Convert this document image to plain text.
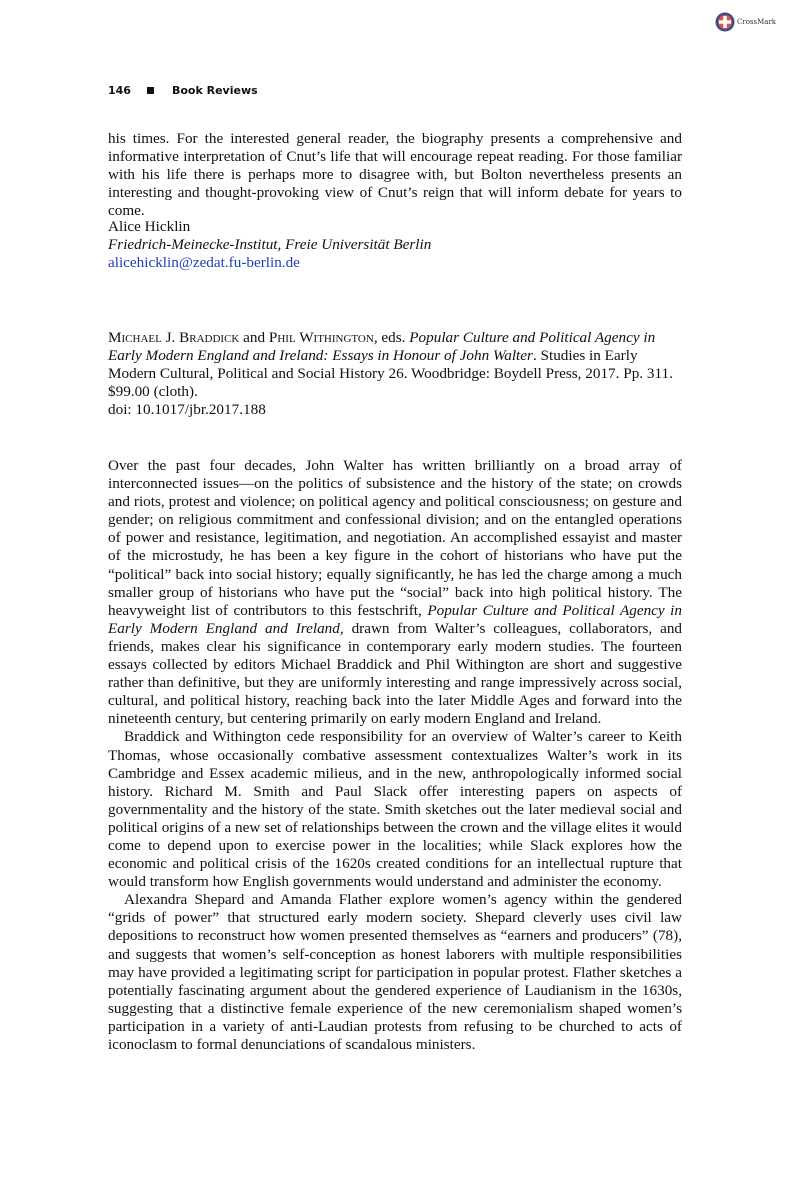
CrossMark
146	Book Reviews

his times. For the interested general reader, the biography presents a comprehensive and informative interpretation of Cnut’s life that will encourage repeat reading. For those familiar with his life there is perhaps more to disagree with, but Bolton nevertheless presents an interesting and thought-provoking view of Cnut’s reign that will inform debate for years to come.

Alice Hicklin
Friedrich-Meinecke-Institut, Freie Universität Berlin
alicehicklin@zedat.fu-berlin.de

Michael J. Braddick and Phil Withington, eds. Popular Culture and Political Agency in Early Modern England and Ireland: Essays in Honour of John Walter. Studies in Early Modern Cultural, Political and Social History 26. Woodbridge: Boydell Press, 2017. Pp. 311. $99.00 (cloth).

doi: 10.1017/jbr.2017.188

Over the past four decades, John Walter has written brilliantly on a broad array of interconnected issues—on the politics of subsistence and the history of the state; on crowds and riots, protest and violence; on political agency and political consciousness; on gesture and gender; on religious commitment and confessional division; and on the entangled operations of power and resistance, legitimation, and negotiation. An accomplished essayist and master of the microstudy, he has been a key figure in the cohort of historians who have put the “political” back into social history; equally significantly, he has led the charge among a much smaller group of historians who have put the “social” back into high political history. The heavyweight list of contributors to this festschrift, Popular Culture and Political Agency in Early Modern England and Ireland, drawn from Walter’s colleagues, collaborators, and friends, makes clear his significance in contemporary early modern studies. The fourteen essays collected by editors Michael Braddick and Phil Withington are short and suggestive rather than definitive, but they are uniformly interesting and range impressively across social, cultural, and political history, reaching back into the later Middle Ages and forward into the nineteenth century, but centering primarily on early modern England and Ireland.

Braddick and Withington cede responsibility for an overview of Walter’s career to Keith Thomas, whose occasionally combative assessment contextualizes Walter’s work in its Cambridge and Essex academic milieus, and in the new, anthropologically informed social history. Richard M. Smith and Paul Slack offer interesting papers on aspects of governmentality and the history of the state. Smith sketches out the later medieval social and political origins of a new set of relationships between the crown and the village elites it would come to depend upon to exercise power in the localities; while Slack explores how the economic and political crisis of the 1620s created conditions for an intellectual rupture that would transform how English governments would understand and administer the economy.

Alexandra Shepard and Amanda Flather explore women’s agency within the gendered “grids of power” that structured early modern society. Shepard cleverly uses civil law depositions to reconstruct how women presented themselves as “earners and producers” (78), and suggests that women’s self-conception as honest laborers with multiple responsibilities may have provided a legitimating script for participation in popular protest. Flather sketches a potentially fascinating argument about the gendered experience of Laudianism in the 1630s, suggesting that a distinctive female experience of the new ceremonialism shaped women’s participation in a variety of anti-Laudian protests from refusing to be churched to acts of iconoclasm to formal denunciations of scandalous ministers.
